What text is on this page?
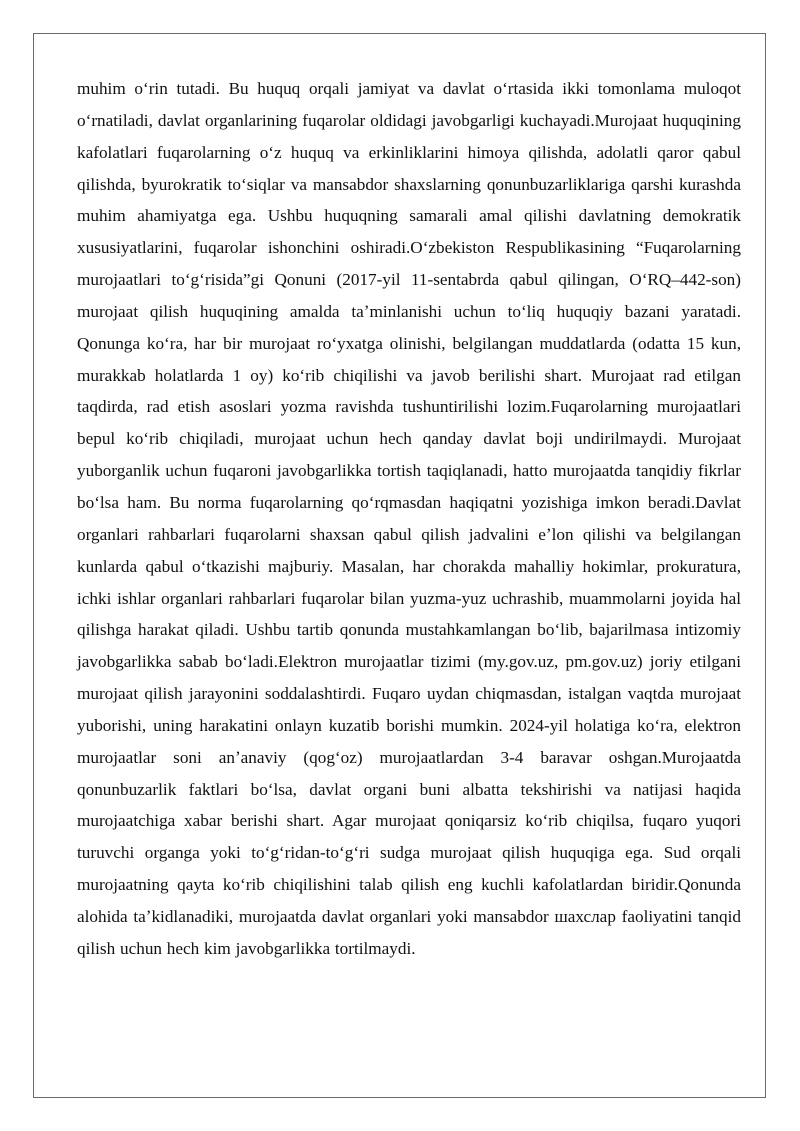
muhim oʻrin tutadi. Bu huquq orqali jamiyat va davlat oʻrtasida ikki tomonlama muloqot oʻrnatiladi, davlat organlarining fuqarolar oldidagi javobgarligi kuchayadi.Murojaat huquqining kafolatlari fuqarolarning oʻz huquq va erkinliklarini himoya qilishda, adolatli qaror qabul qilishda, byurokratik toʻsiqlar va mansabdor shaxslarning qonunbuzarliklariga qarshi kurashda muhim ahamiyatga ega. Ushbu huquqning samarali amal qilishi davlatning demokratik xususiyatlarini, fuqarolar ishonchini oshiradi.Oʻzbekiston Respublikasining “Fuqarolarning murojaatlari toʻgʻrisida”gi Qonuni (2017-yil 11-sentabrda qabul qilingan, OʻRQ–442-son) murojaat qilish huquqining amalda taʼminlanishi uchun toʻliq huquqiy bazani yaratadi. Qonunga koʻra, har bir murojaat roʻyxatga olinishi, belgilangan muddatlarda (odatta 15 kun, murakkab holatlarda 1 oy) koʻrib chiqilishi va javob berilishi shart. Murojaat rad etilgan taqdirda, rad etish asoslari yozma ravishda tushuntirilishi lozim.Fuqarolarning murojaatlari bepul koʻrib chiqiladi, murojaat uchun hech qanday davlat boji undirilmaydi. Murojaat yuborganlik uchun fuqaroni javobgarlikka tortish taqiqlanadi, hatto murojaatda tanqidiy fikrlar boʻlsa ham. Bu norma fuqarolarning qoʻrqmasdan haqiqatni yozishiga imkon beradi.Davlat organlari rahbarlari fuqarolarni shaxsan qabul qilish jadvalini eʼlon qilishi va belgilangan kunlarda qabul oʻtkazishi majburiy. Masalan, har chorakda mahalliy hokimlar, prokuratura, ichki ishlar organlari rahbarlari fuqarolar bilan yuzma-yuz uchrashib, muammolarni joyida hal qilishga harakat qiladi. Ushbu tartib qonunda mustahkamlangan boʻlib, bajarilmasa intizomiy javobgarlikka sabab boʻladi.Elektron murojaatlar tizimi (my.gov.uz, pm.gov.uz) joriy etilgani murojaat qilish jarayonini soddalashtirdi. Fuqaro uydan chiqmasdan, istalgan vaqtda murojaat yuborishi, uning harakatini onlayn kuzatib borishi mumkin. 2024-yil holatiga koʻra, elektron murojaatlar soni anʼanaviy (qogʻoz) murojaatlardan 3-4 baravar oshgan.Murojaatda qonunbuzarlik faktlari boʻlsa, davlat organi buni albatta tekshirishi va natijasi haqida murojaatchiga xabar berishi shart. Agar murojaat qoniqarsiz koʻrib chiqilsa, fuqaro yuqori turuvchi organga yoki toʻgʻridan-toʻgʻri sudga murojaat qilish huquqiga ega. Sud orqali murojaatning qayta koʻrib chiqilishini talab qilish eng kuchli kafolatlardan biridir.Qonunda alohida taʼkidlanadiki, murojaatda davlat organlari yoki mansabdor шахслар faoliyatini tanqid qilish uchun hech kim javobgarlikka tortilmaydi.
